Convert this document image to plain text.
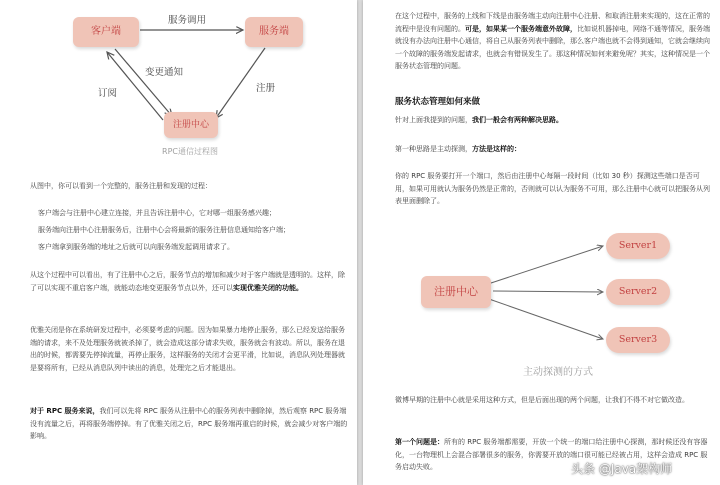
客户端	服务端
注册中心
服务调用
变更通知
订阅	注册
RPC通信过程图

从图中，你可以看到一个完整的，服务注册和发现的过程：

客户端会与注册中心建立连接，并且告诉注册中心，它对哪一组服务感兴趣；

服务端向注册中心注册服务后，注册中心会将最新的服务注册信息通知给客户端；

客户端拿到服务端的地址之后就可以向服务端发起调用请求了。

从这个过程中可以看出，有了注册中心之后，服务节点的增加和减少对于客户端就是透明的。这样，除了可以实现不重启客户端，就能动态地变更服务节点以外，还可以实现优雅关闭的功能。

优雅关闭是你在系统研发过程中，必须要考虑的问题。因为如果暴力地停止服务，那么已经发送给服务端的请求，来不及处理服务就被杀掉了，就会造成这部分请求失败，服务就会有波动。所以，服务在退出的时候，都需要先停掉流量，再停止服务，这样服务的关闭才会更平滑，比如说，消息队列处理器就是要将所有，已经从消息队列中读出的消息，处理完之后才能退出。

对于 RPC 服务来说，我们可以先将 RPC 服务从注册中心的服务列表中删除掉，然后观察 RPC 服务端没有流量之后，再将服务端停掉。有了优雅关闭之后，RPC 服务端再重启的时候，就会减少对客户端的影响。

在这个过程中，服务的上线和下线是由服务端主动向注册中心注册、和取消注册来实现的，这在正常的流程中是没有问题的。可是，如果某一个服务端意外故障，比如说机器掉电，网络不通等情况，服务端就没有办法向注册中心通信，将自己从服务列表中删除，那么客户端也就不会得到通知，它就会继续向一个故障的服务端发起请求，也就会有错误发生了。那这种情况如何来避免呢？其实，这种情况是一个服务状态管理的问题。

服务状态管理如何来做

针对上面我提到的问题，我们一般会有两种解决思路。

第一种思路是主动探测，方法是这样的：

你的 RPC 服务要打开一个端口，然后由注册中心每隔一段时间（比如 30 秒）探测这些端口是否可用，如果可用就认为服务仍然是正常的，否则就可以认为服务不可用，那么注册中心就可以把服务从列表里面删除了。

注册中心
Server1
Server2
Server3
主动探测的方式

微博早期的注册中心就是采用这种方式，但是后面出现的两个问题，让我们不得不对它做改造。

第一个问题是：所有的 RPC 服务端都需要，开放一个统一的端口给注册中心探测，那时候还没有容器化，一台物理机上会混合部署很多的服务，你需要开放的端口很可能已经被占用，这样会造成 RPC 服务启动失败。	头条 @Java架构师
